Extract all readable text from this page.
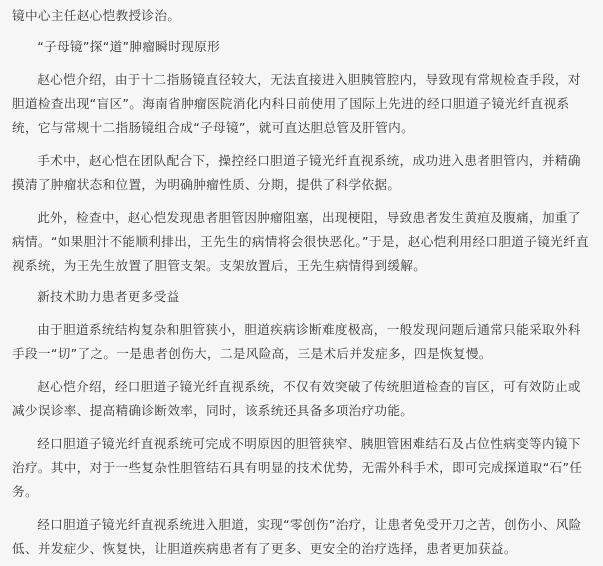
镜中心主任赵心恺教授诊治。

“子母镜”探“道”胂瘤瞬时现原形

赵心恺介绍，由于十二指肠镜直径较大，无法直接进入胆胰管腔内，导致现有常规检查手段，对胆道检查出现“盲区”。海南省肿瘤医院消化内科日前使用了国际上先进的经口胆道子镜光纤直视系统，它与常规十二指肠镜组合成“子母镜”，就可直达胆总管及肝管内。

手术中，赵心恺在团队配合下，操控经口胆道子镜光纤直视系统，成功进入患者胆管内，并精确摸清了肿瘤状态和位置，为明确肿瘤性质、分期，提供了科学依据。

此外，检查中，赵心恺发现患者胆管因肿瘤阻塞，出现梗阻，导致患者发生黄疸及腹痛，加重了病情。“如果胆汁不能顺利排出，王先生的病情将会很快恶化。”于是，赵心恺利用经口胆道子镜光纤直视系统，为王先生放置了胆管支架。支架放置后，王先生病情得到缓解。

新技术助力患者更多受益

由于胆道系统结构复杂和胆管狭小，胆道疾病诊断难度极高，一般发现问题后通常只能采取外科手段一“切”了之。一是患者创伤大，二是风险高，三是术后并发症多，四是恢复慢。

赵心恺介绍，经口胆道子镜光纤直视系统，不仅有效突破了传统胆道检查的盲区，可有效防止或减少误诊率、提高精确诊断效率，同时，该系统还具备多项治疗功能。

经口胆道子镜光纤直视系统可完成不明原因的胆管狭窄、胰胆管困难结石及占位性病变等内镜下治疗。其中，对于一些复杂性胆管结石具有明显的技术优势，无需外科手术，即可完成探道取“石”任务。

经口胆道子镜光纤直视系统进入胆道，实现“零创伤”治疗，让患者免受开刀之苦，创伤小、风险低、并发症少、恢复快，让胆道疾病患者有了更多、更安全的治疗选择，患者更加获益。
